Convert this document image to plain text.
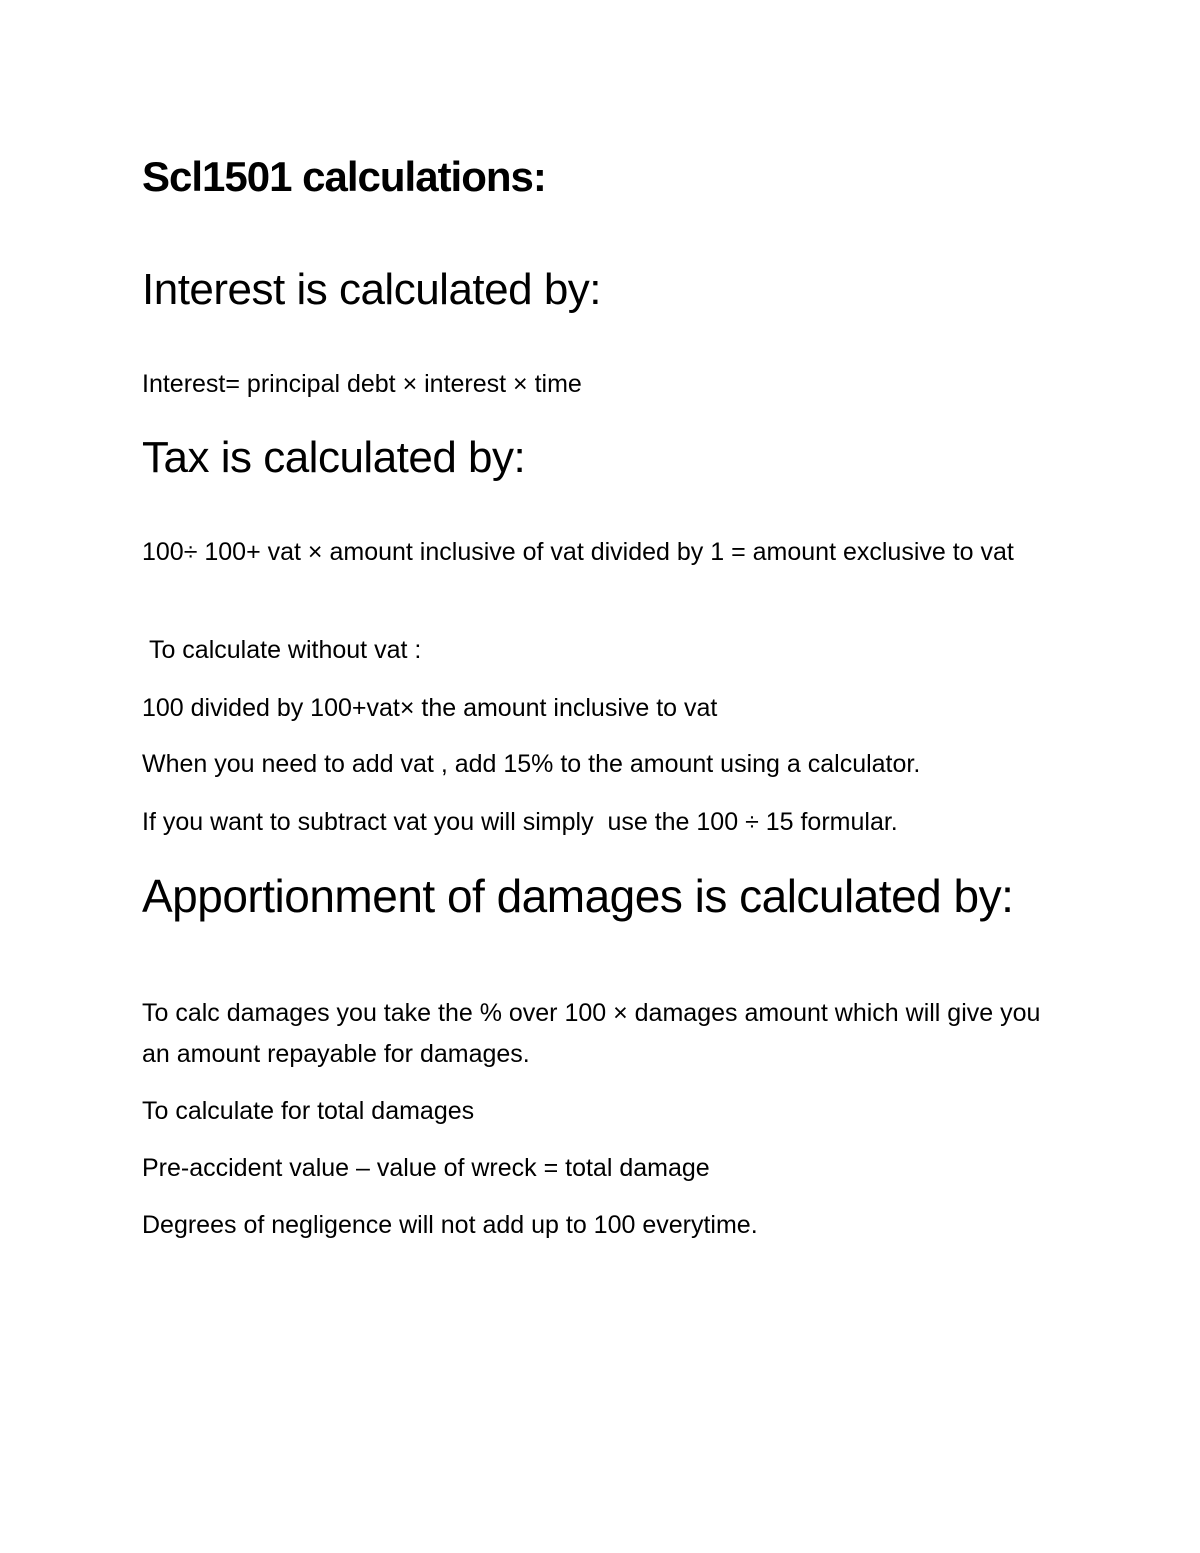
Scl1501 calculations:
Interest is calculated by:

Interest= principal debt × interest × time

Tax is calculated by:

100÷ 100+ vat × amount inclusive of vat divided by 1 = amount exclusive to vat

To calculate without vat :

100 divided by 100+vat× the amount inclusive to vat

When you need to add vat , add 15% to the amount using a calculator.

If you want to subtract vat you will simply  use the 100 ÷ 15 formular.

Apportionment of damages is calculated by:

To calc damages you take the % over 100 × damages amount which will give you an amount repayable for damages.

To calculate for total damages

Pre-accident value – value of wreck = total damage

Degrees of negligence will not add up to 100 everytime.
